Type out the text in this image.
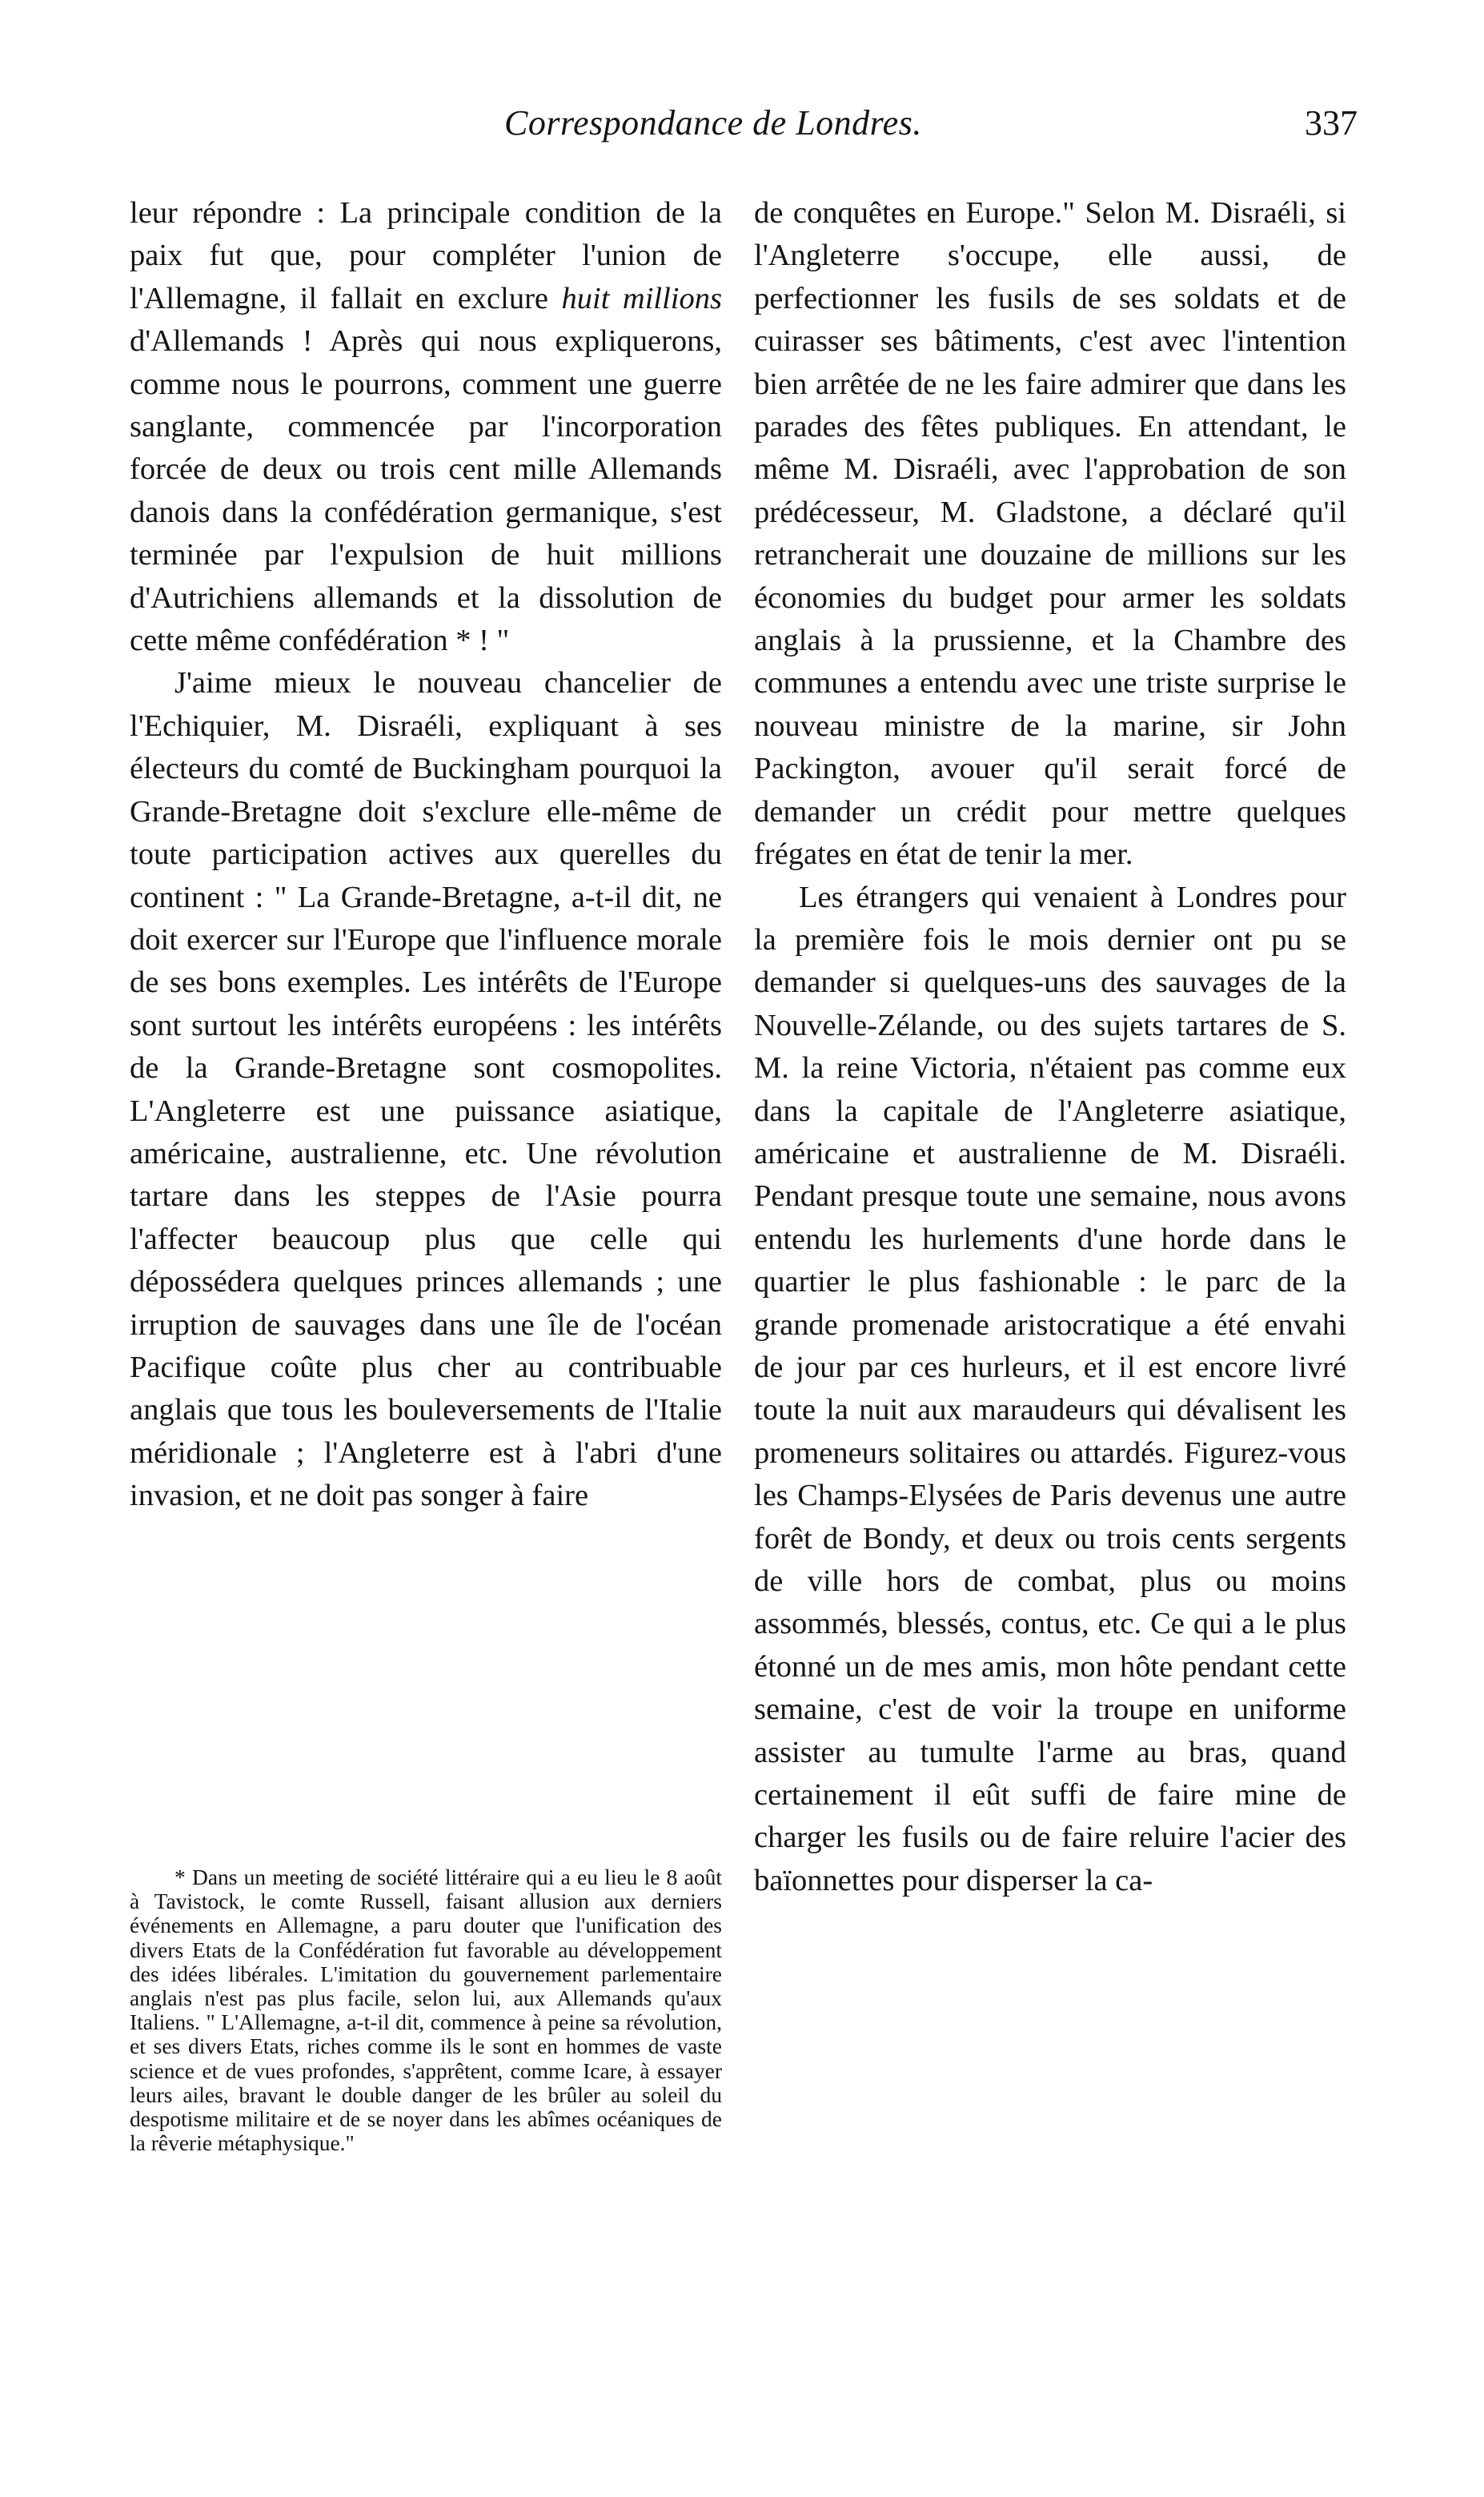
Correspondance de Londres.	337

leur répondre : La principale condition de la paix fut que, pour compléter l'union de l'Allemagne, il fallait en exclure huit millions d'Allemands ! Après qui nous expliquerons, comme nous le pourrons, comment une guerre sanglante, commencée par l'incorporation forcée de deux ou trois cent mille Allemands danois dans la confédération germanique, s'est terminée par l'expulsion de huit millions d'Autrichiens allemands et la dissolution de cette même confédération * ! "

J'aime mieux le nouveau chancelier de l'Echiquier, M. Disraéli, expliquant à ses électeurs du comté de Buckingham pourquoi la Grande-Bretagne doit s'exclure elle-même de toute participation actives aux querelles du continent : " La Grande-Bretagne, a-t-il dit, ne doit exercer sur l'Europe que l'influence morale de ses bons exemples. Les intérêts de l'Europe sont surtout les intérêts européens : les intérêts de la Grande-Bretagne sont cosmopolites. L'Angleterre est une puissance asiatique, américaine, australienne, etc. Une révolution tartare dans les steppes de l'Asie pourra l'affecter beaucoup plus que celle qui dépossédera quelques princes allemands ; une irruption de sauvages dans une île de l'océan Pacifique coûte plus cher au contribuable anglais que tous les bouleversements de l'Italie méridionale ; l'Angleterre est à l'abri d'une invasion, et ne doit pas songer à faire

* Dans un meeting de société littéraire qui a eu lieu le 8 août à Tavistock, le comte Russell, faisant allusion aux derniers événements en Allemagne, a paru douter que l'unification des divers Etats de la Confédération fut favorable au développement des idées libérales. L'imitation du gouvernement parlementaire anglais n'est pas plus facile, selon lui, aux Allemands qu'aux Italiens. " L'Allemagne, a-t-il dit, commence à peine sa révolution, et ses divers Etats, riches comme ils le sont en hommes de vaste science et de vues profondes, s'apprêtent, comme Icare, à essayer leurs ailes, bravant le double danger de les brûler au soleil du despotisme militaire et de se noyer dans les abîmes océaniques de la rêverie métaphysique."

de conquêtes en Europe." Selon M. Disraéli, si l'Angleterre s'occupe, elle aussi, de perfectionner les fusils de ses soldats et de cuirasser ses bâtiments, c'est avec l'intention bien arrêtée de ne les faire admirer que dans les parades des fêtes publiques. En attendant, le même M. Disraéli, avec l'approbation de son prédécesseur, M. Gladstone, a déclaré qu'il retrancherait une douzaine de millions sur les économies du budget pour armer les soldats anglais à la prussienne, et la Chambre des communes a entendu avec une triste surprise le nouveau ministre de la marine, sir John Packington, avouer qu'il serait forcé de demander un crédit pour mettre quelques frégates en état de tenir la mer.

Les étrangers qui venaient à Londres pour la première fois le mois dernier ont pu se demander si quelques-uns des sauvages de la Nouvelle-Zélande, ou des sujets tartares de S. M. la reine Victoria, n'étaient pas comme eux dans la capitale de l'Angleterre asiatique, américaine et australienne de M. Disraéli. Pendant presque toute une semaine, nous avons entendu les hurlements d'une horde dans le quartier le plus fashionable : le parc de la grande promenade aristocratique a été envahi de jour par ces hurleurs, et il est encore livré toute la nuit aux maraudeurs qui dévalisent les promeneurs solitaires ou attardés. Figurez-vous les Champs-Elysées de Paris devenus une autre forêt de Bondy, et deux ou trois cents sergents de ville hors de combat, plus ou moins assommés, blessés, contus, etc. Ce qui a le plus étonné un de mes amis, mon hôte pendant cette semaine, c'est de voir la troupe en uniforme assister au tumulte l'arme au bras, quand certainement il eût suffi de faire mine de charger les fusils ou de faire reluire l'acier des baïonnettes pour disperser la ca-
